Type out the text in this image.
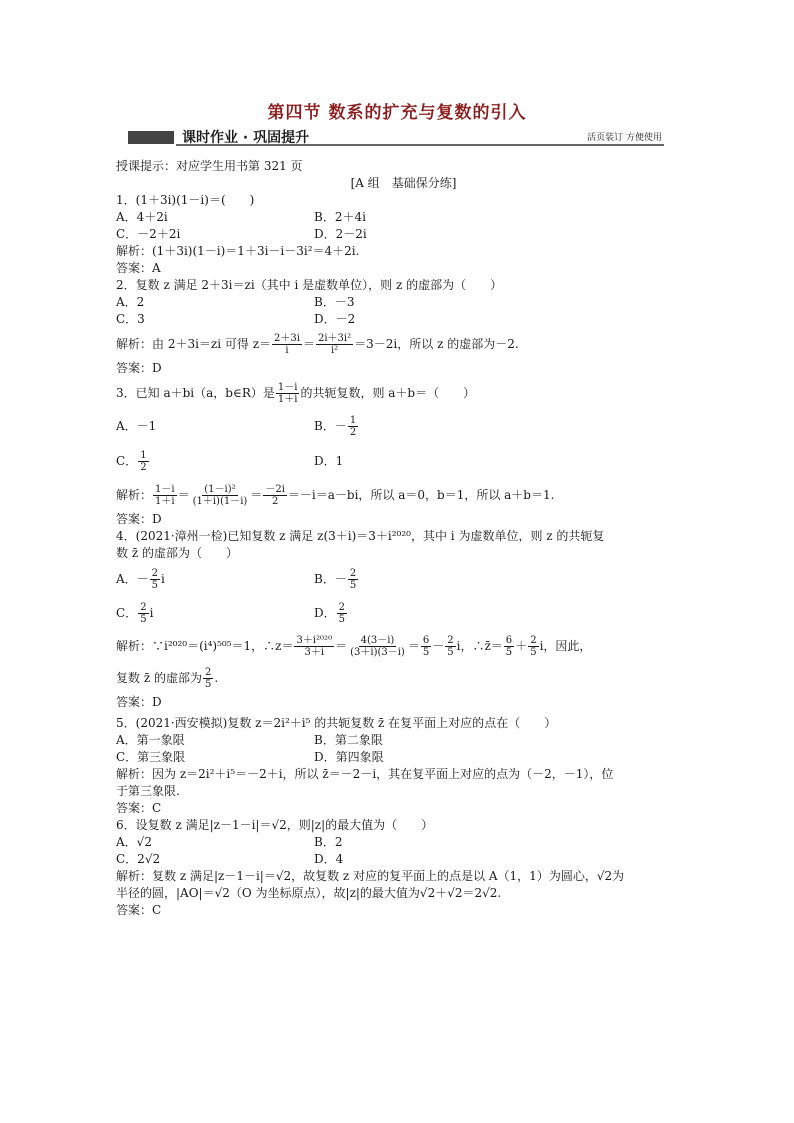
第四节 数系的扩充与复数的引入
课时作业 · 巩固提升	活页装订 方便使用
授课提示：对应学生用书第 321 页
[A 组　基础保分练]
1．(1＋3i)(1－i)＝(　　)
A．4＋2i	B．2＋4i
C．－2＋2i	D．2－2i
解析：(1＋3i)(1－i)＝1＋3i－i－3i²＝4＋2i.
答案：A
2．复数 z 满足 2＋3i＝zi（其中 i 是虚数单位），则 z 的虚部为（　　）
A．2	B．－3
C．3	D．－2
解析：由 2＋3i＝zi 可得 $z= \frac{2+3i}{i} = \frac{\text{2i＋3i²}}{\text{i²}} =3-2i$，所以 z 的虚部为－2.
答案：D
3．已知 a＋bi（a，b∈R）是 $\frac{1-i}{1+i}$ 的共轭复数，则 a＋b＝（　　）
A．－1	B．－ $\frac{1}{2}$
C． $\frac{1}{2}$	D．1
解析： $\frac{1-i}{1+i} = \frac{\text{(1－i)²}}{(1+i)(1-i)} = \frac{-2i}{2} =-i=a-bi$，所以 a＝0，b＝1，所以 a＋b＝1.
答案：D
4．(2021·漳州一检)已知复数 z 满足 z(3＋i)＝3＋i²⁰²⁰，其中 i 为虚数单位，则 z 的共轭复
数 z̄ 的虚部为（　　）
A．－ $\frac{2}{5}$ i	B．－ $\frac{2}{5}$
C． $\frac{2}{5}$ i	D． $\frac{2}{5}$
解析：∵i²⁰²⁰＝(i⁴)⁵⁰⁵＝1，∴z＝ $\frac{\text{3＋i²⁰²⁰}}{3+i} = \frac{4(3-i)}{(3+i)(3-i)} = \frac{6}{5} - \frac{2}{5}$ i，∴z̄＝ $\frac{6}{5} + \frac{2}{5}$ i，因此，
复数 z̄ 的虚部为 $\frac{2}{5}$ .
答案：D
5．(2021·西安模拟)复数 z＝2i²＋i⁵ 的共轭复数 z̄ 在复平面上对应的点在（　　）
A．第一象限	B．第二象限
C．第三象限	D．第四象限
解析：因为 z＝2i²＋i⁵＝－2＋i，所以 z̄＝－2－i，其在复平面上对应的点为（－2，－1），位
于第三象限.
答案：C
6．设复数 z 满足|z－1－i|＝√2，则|z|的最大值为（　　）
A．√2	B．2
C．2√2	D．4
解析：复数 z 满足|z－1－i|＝√2，故复数 z 对应的复平面上的点是以 A（1，1）为圆心，√2为
半径的圆，|AO|＝√2（O 为坐标原点），故|z|的最大值为√2＋√2＝2√2.
答案：C
